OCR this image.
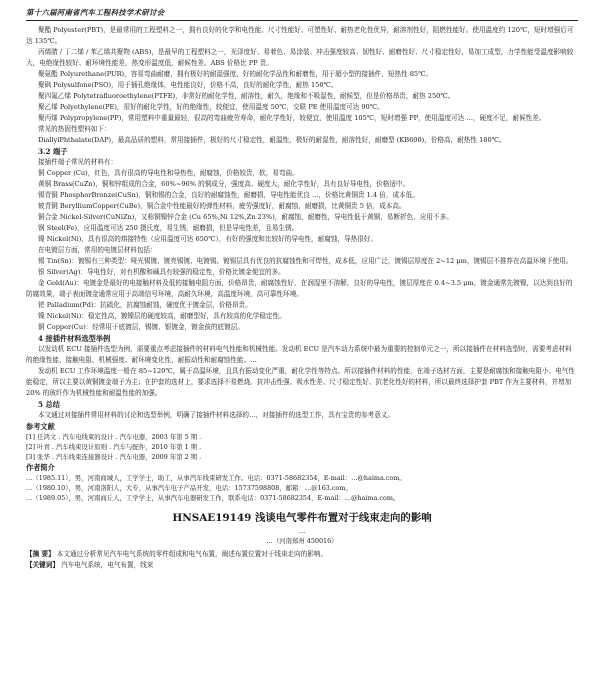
第十六届河南省汽车工程科技学术研讨会

聚酯 Polyester(PBT)，是最常用的工程塑料之一，拥有良好的化学和电性能、尺寸性能好、可塑性好、耐热老化性优异，耐溶剂性好，阻燃性能好。使用温度约 120℃，短时增强后可达 135℃。

丙烯腈 / 丁二烯 / 苯乙烯共聚物 (ABS)，是最早的工程塑料之一，光泽度好、易着色、易涂装、冲击强度较高、韧性好、耐磨性好、尺寸稳定性好，易加工成型，力学性能受温度影响较大，电绝缘性较好、耐环境性能差，热变形温度低，耐候性差。ABS 价格比 PP 贵。

聚氨酯 Polyurethane(PUR)，容易弯曲耐磨，拥有极好的耐湿强度，好的耐化学品性和耐磨性，用于超小型的接插件，短热性 85℃。

聚砜 Polysulfone(PSO)，用于插孔绝缘体，电性能良好，价格不高，良好的耐化学性，耐热 150℃。

聚四氟乙烯 Polytetrafluoroethylene(PTFE)，非常好的耐化学性，耐溶性，耐久，绝缘和不吸湿性，耐候型，但是价格昂贵，耐热 250℃。

聚乙烯 Polyethylene(PE)，很好的耐化学性，好的绝缘性，较便宜，使用温度 50℃，交联 PE 使用温度可达 90℃。

聚丙烯 Polypropylene(PP)，常用塑料中重量最轻，很高的弯曲疲劳寿命，耐化学性好，较便宜，使用温度 105℃，短时增强 PP，使用温度可达 …，硬度不足，耐候性差。

常见的热固性塑料如下：

DiallylPhthalate(DAP)，最高品质的塑料，常用接插件，极好的尺寸稳定性，耐温性，极好的耐湿性，耐溶性好，耐磨型 (KB600)，价格高，耐热性 180℃。

3.2 端子

接插件端子常见的材料有：

铜 Copper (Cu)，红色，具有很高的导电性和导热性，耐腐蚀，价格较贵，软，易弯曲。

黄铜 Brass(CuZn)，铜和锌组成的合金，60%~96% 的铜成分，强度高、硬度大，耐化学性好，具有良好导电性，价格适中。

锡青铜 PhosphorBronze(CuSn)，铜和锡的合金，良好的耐腐蚀性，耐磨损，导电性能优良 …，价格比黄铜贵 1.4 倍，成本低。

铍青铜 BerylliumCopper(CuBe)，铜合金中性能最好的弹性材料，疲劳强度好，耐腐蚀，耐磨损，比黄铜贵 5 倍，成本高。

铜合金 Nickel-Silver(CuNiZn)，又称铜镍锌合金 (Cu 65%,Ni 12%,Zn 23%)，耐腐蚀，耐磨性，导电性低于黄铜，易断折色，应用不多。

钢 Steel(Fe)，应用温度可达 250 摄氏度，易生锈，耐磨损，但是导电性差，且易生锈。

镍 Nickel(Ni)，具有很高的熔接特性（应用温度可达 650℃），有好的强度和比较好的导电性，耐腐蚀，导热很好。

在电镀层方面，常用的电镀层材料包括：

锡 Tin(Sn)：镀锡有三种类型：哑光锡镀、镀亮锡镀、电镀锡。镀锡层具有优良的抗腐蚀性和可焊性，成本低，应用广泛，镀锡层厚度在 2~12 μm，镀锡层不推荐在高温环境下使用。

银 Silver(Ag)：导电性好，对有机酸和碱具有较强的稳定性，价格比镀金便宜的多。

金 Gold(Au)：电镀金是最好的电接触材料及低的接触电阻方面，价格昂贵，耐腐蚀性好，在润湿里不溶解，良好的导电性，镀层厚度在 0.4~3.5 μm，镀金通常先镀镍，以达到良好的防腐效果，端子表面镀金通常应用于高端信号环境，高耐久环境，高温度环境，高可靠性环境。

钯 Palladium(Pd)：抗硫化，抗腐蚀耐蚀，硬度优于镀金层，价格昂贵。

镍 Nickel(Ni)：稳定性高，镀镍层的硬度较高，耐磨型好，具有较高的化学稳定性。

铜 Copper(Cu)：经常用于底镀层，锡镀、银镀金，镀金前的底镀层。

4 接插件材料选型举例

以发动机 ECU 接插件选型为例，需要重点考虑接插件的材料电气性能和机械性能。发动机 ECU 是汽车动力系统中最为重要的控制单元之一，所以接插件在材料选型时，需要考虑材料的绝缘性能、接触电阻、机械强度、耐环境变化性、耐振动性和耐腐蚀性能。…

发动机 ECU 工作环境温度一般在 85~120℃，属于高温环境，且具有振动变化严重，耐化学性等特点。所以接插件材料的性能，在端子选材方面，主要是耐腐蚀和接触电阻小、电气性能稳定，所以主要以黄铜镀金端子为主；在护套的选材上，要求选择不易燃烧、抗冲击性强、吸水性差、尺寸稳定性好、抗老化性好的材料，所以最终选择护套 PBT 作为主要材料，并增加 20% 的玻纤作为机械性能和耐温性能的加强。

5 总结

本文通过对接插件常用材料的讨论和选型举例，明确了接插件材料选择的…，对接插件的选型工作，具有宝贵的参考意义。

参考文献

[1] 任鸿文 . 汽车电线束的设计 . 汽车电器，2003 年第 5 期 .

[2] 叶青 . 汽车线束设计原则 . 汽车与配件，2010 年第 1 期 .

[3] 张华 . 汽车线束连接器设计 . 汽车电器，2009 年第 2 期 .

作者简介

…（1985.11），男，河南商城人，工学学士，助工，从事汽车线束研发工作。电话：0371-58682354，E-mail：…@haima.com。

…（1980.10），男，河南洛阳人，大专，从事汽车电子产品开发，电话：15737598808，邮箱：…@163.com。

…（1989.05），男，河南商丘人，工学学士，从事汽车电器研发工作，联系电话：0371-58682354，E-mail：…@haima.com。

HNSAE19149 浅谈电气零件布置对于线束走向的影响
…
…（河南郑州 450016）

【摘 要】 本文通过分析常见汽车电气系统的零件组成和电气布置，阐述布置位置对于线束走向的影响。

【关键词】 汽车电气系统，电气布置，线束
